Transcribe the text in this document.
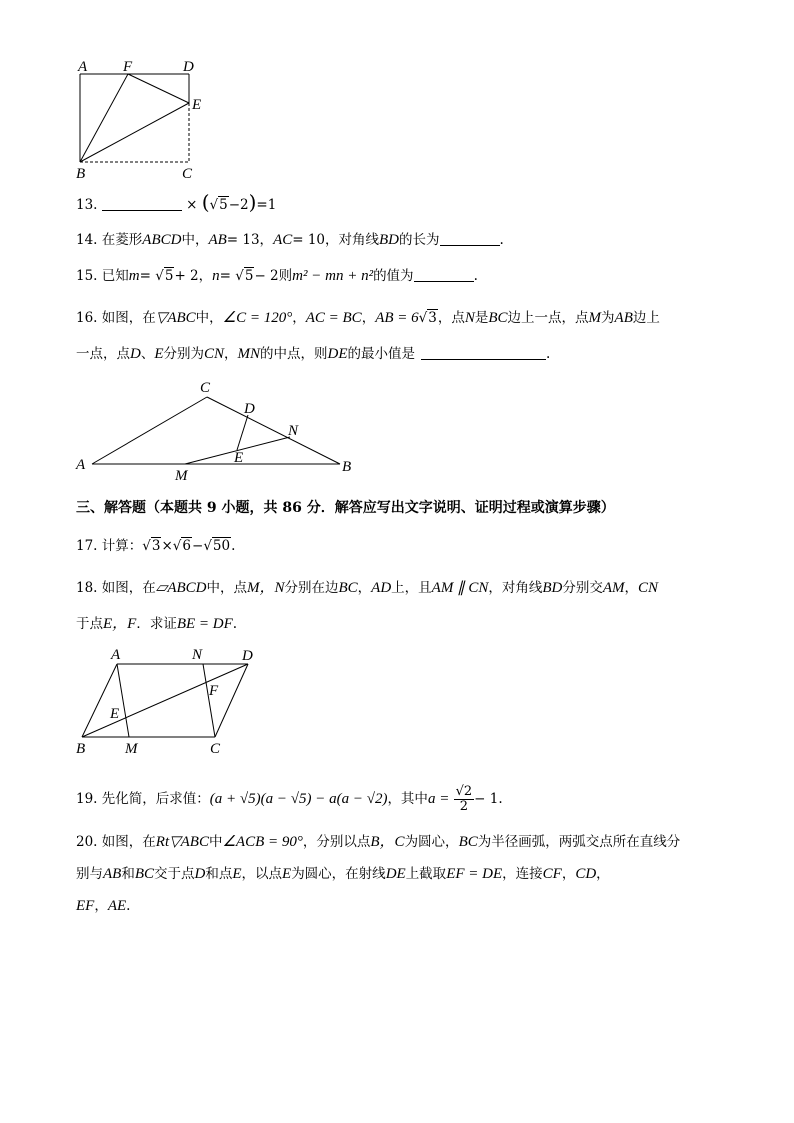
A F	D
E
B	C
13.	× (√5−2)=1
14. 在菱形ABCD中，AB= 13，AC= 10，对角线BD的长为	.
15. 已知m= √5+ 2，n= √5− 2则m² − mn + n²的值为	.
16. 如图，在▽ABC中，∠C = 120°，AC = BC，AB = 6√3，点N是BC边上一点，点M为AB边上
一点，点D、E分别为CN，MN的中点，则DE的最小值是	.
C
D
N
E
A
M
B
三、解答题（本题共 9 小题，共 86 分．解答应写出文字说明、证明过程或演算步骤）
17. 计算：√3×√6−√50.
18. 如图，在▱ABCD中，点M，N分别在边BC，AD上，且AM ∥ CN，对角线BD分别交AM，CN
于点E，F．求证BE = DF.
A	N	D
F
E
B	M	C
19. 先化简，后求值：(a + √5)(a − √5) − a(a − √2)，其中$a = \frac{√2}{2} - 1$.
20. 如图，在Rt▽ABC中∠ACB = 90°，分别以点B，C为圆心，BC为半径画弧，两弧交点所在直线分
别与AB和BC交于点D和点E，以点E为圆心，在射线DE上截取EF = DE，连接CF，CD，
EF，AE.
